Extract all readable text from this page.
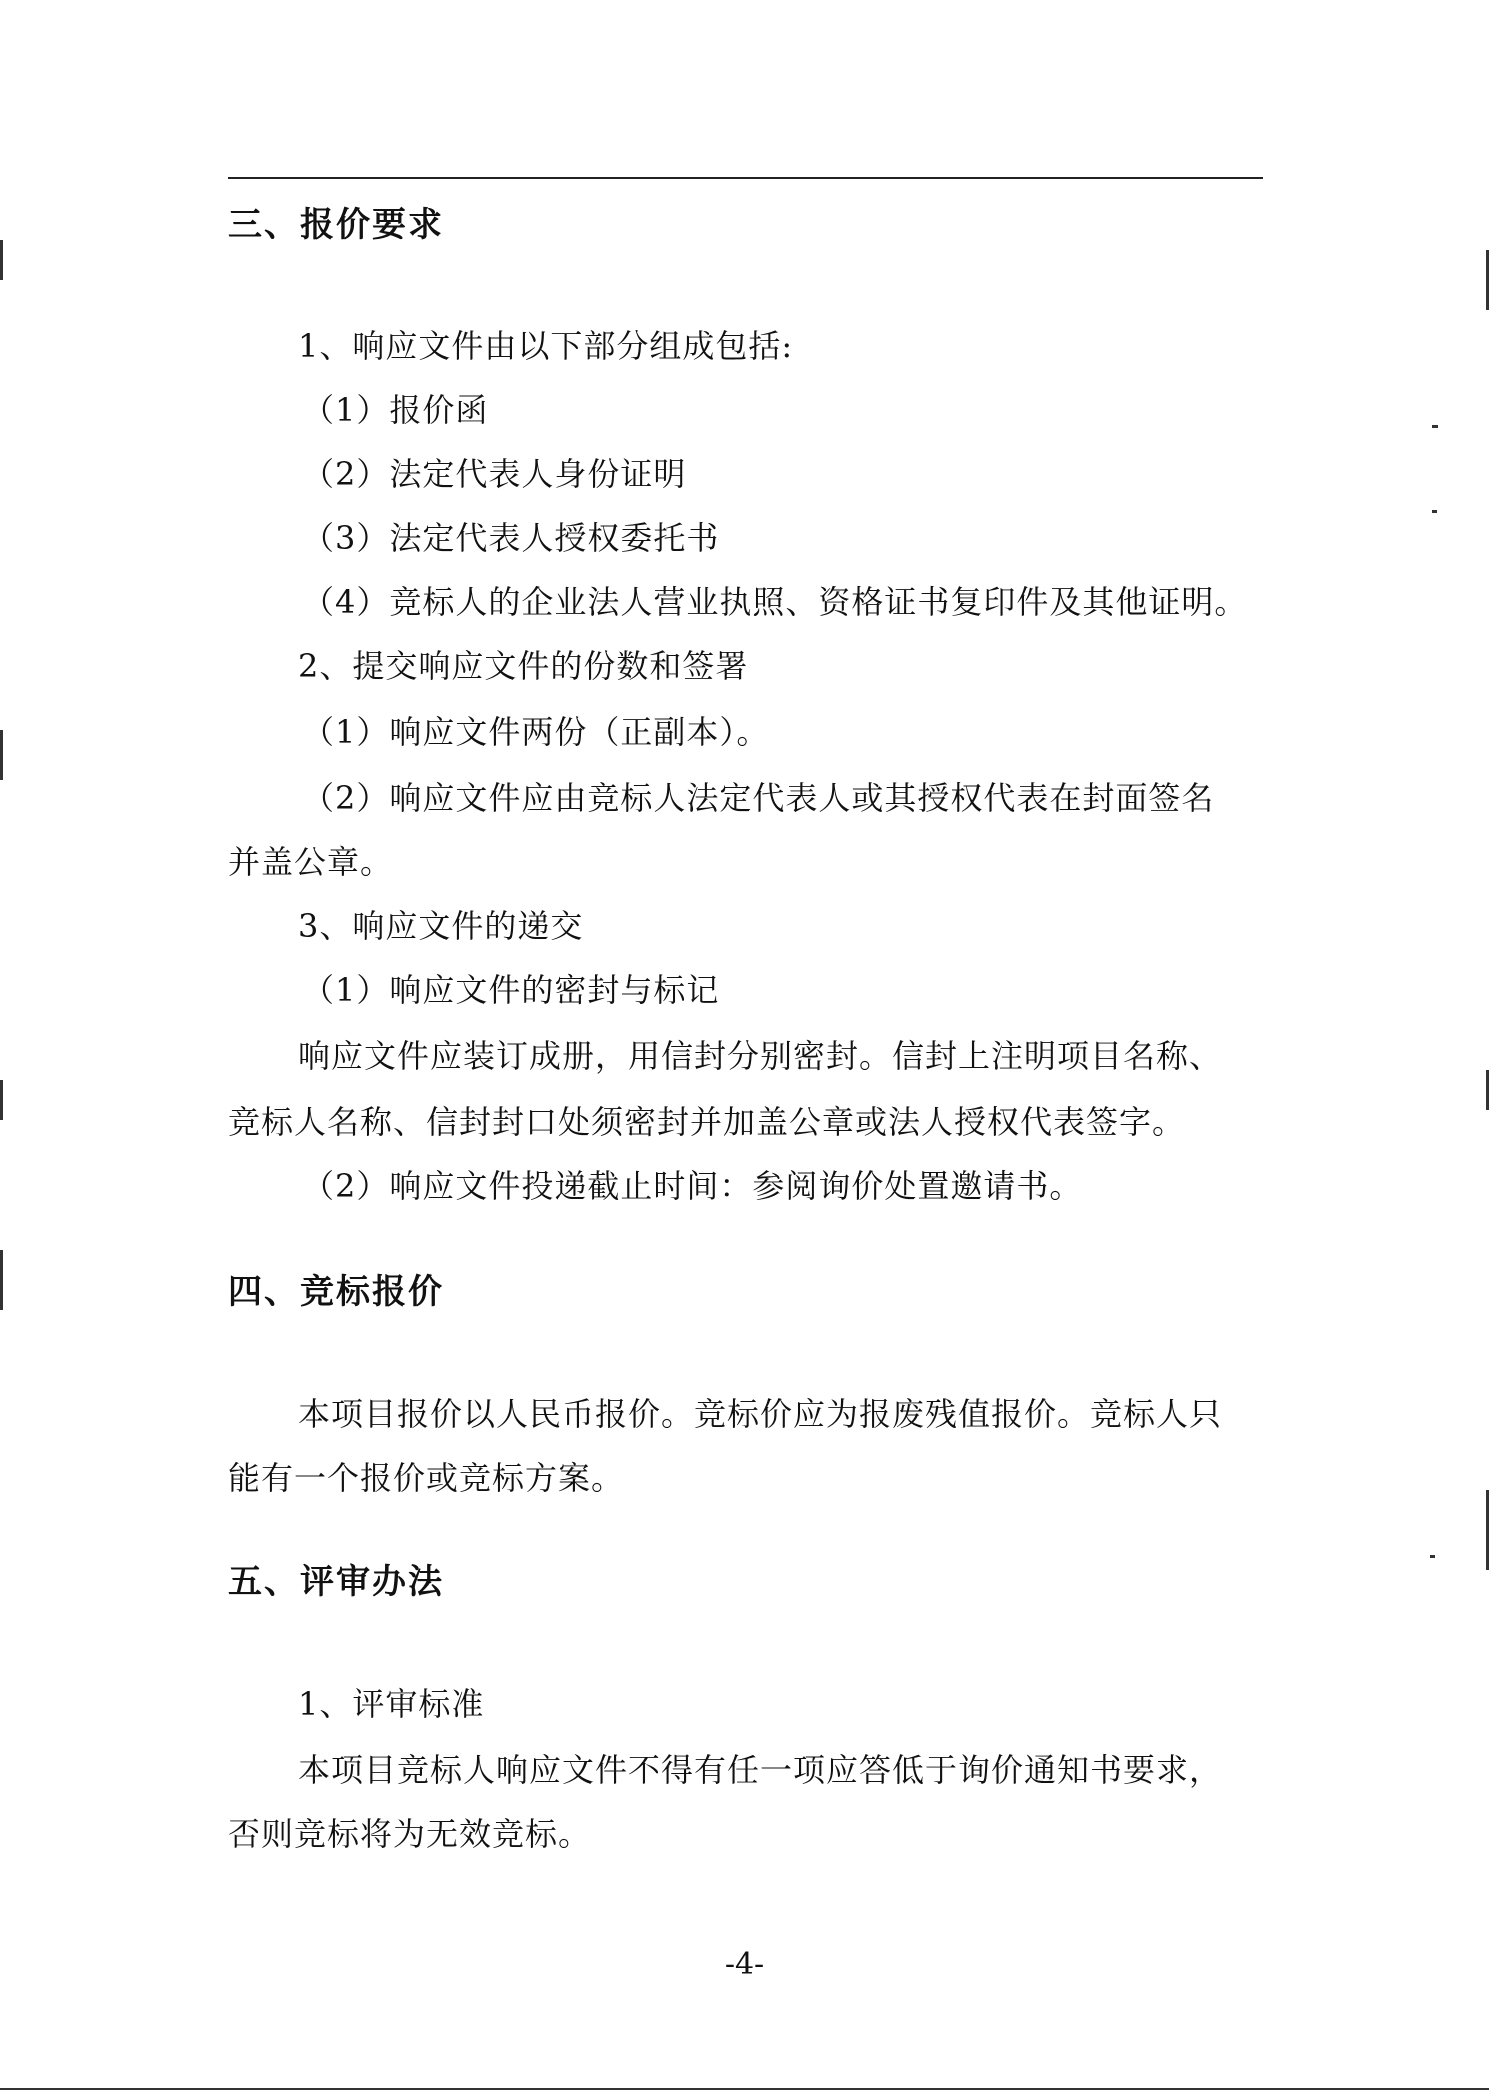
三、报价要求
1、响应文件由以下部分组成包括:
（1）报价函
（2）法定代表人身份证明
（3）法定代表人授权委托书
（4）竞标人的企业法人营业执照、资格证书复印件及其他证明。
2、提交响应文件的份数和签署
（1）响应文件两份（正副本）。
（2）响应文件应由竞标人法定代表人或其授权代表在封面签名
并盖公章。
3、响应文件的递交
（1）响应文件的密封与标记
响应文件应装订成册，用信封分别密封。信封上注明项目名称、
竞标人名称、信封封口处须密封并加盖公章或法人授权代表签字。
（2）响应文件投递截止时间：参阅询价处置邀请书。
四、竞标报价
本项目报价以人民币报价。竞标价应为报废残值报价。竞标人只
能有一个报价或竞标方案。
五、评审办法
1、评审标准
本项目竞标人响应文件不得有任一项应答低于询价通知书要求，
否则竞标将为无效竞标。
-4-
